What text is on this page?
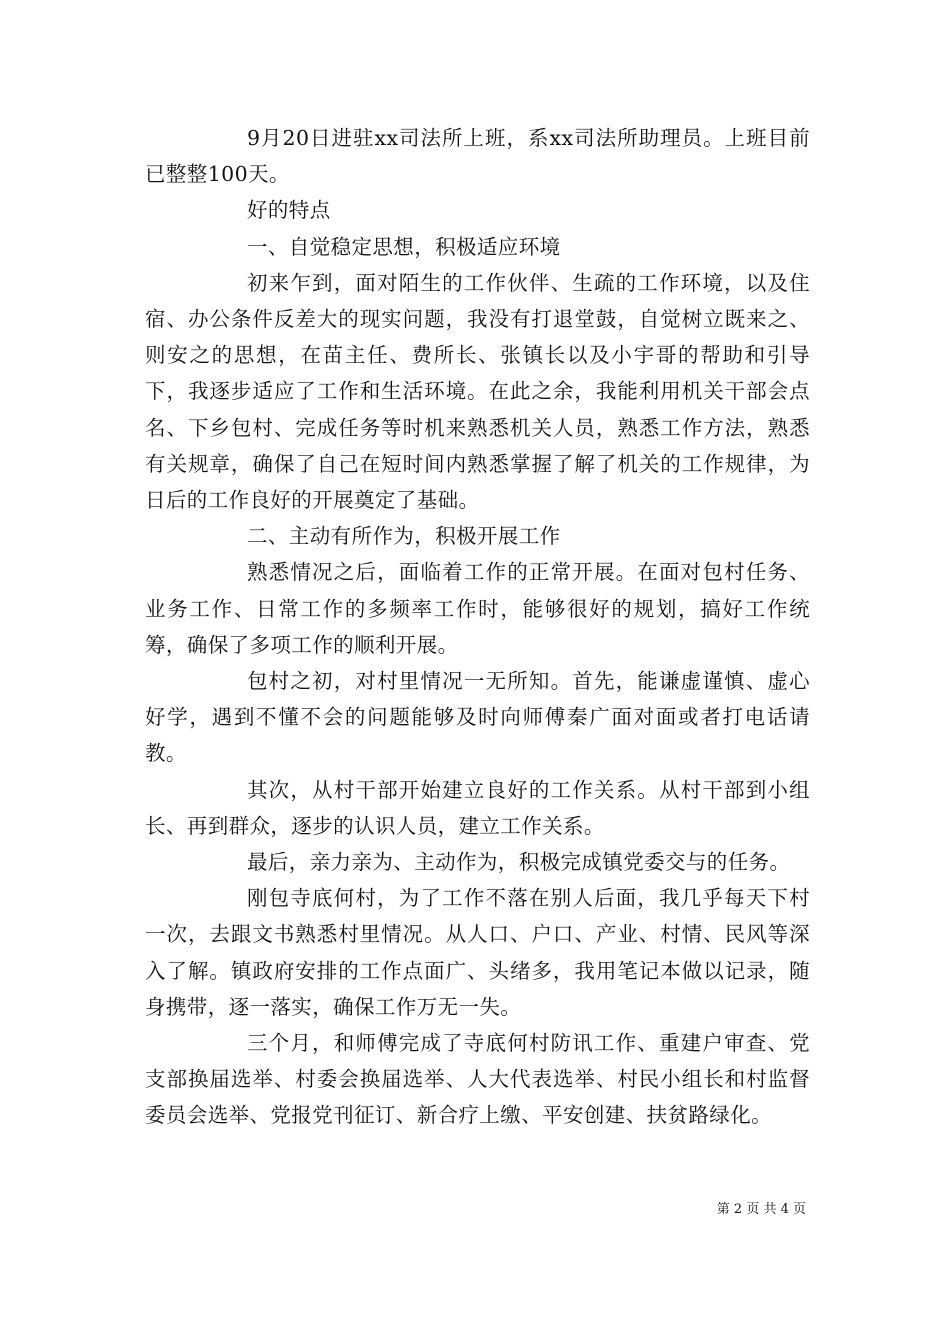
9月20日进驻xx司法所上班，系xx司法所助理员。上班目前已整整100天。

好的特点

一、自觉稳定思想，积极适应环境

初来乍到，面对陌生的工作伙伴、生疏的工作环境，以及住宿、办公条件反差大的现实问题，我没有打退堂鼓，自觉树立既来之、则安之的思想，在苗主任、费所长、张镇长以及小宇哥的帮助和引导下，我逐步适应了工作和生活环境。在此之余，我能利用机关干部会点名、下乡包村、完成任务等时机来熟悉机关人员，熟悉工作方法，熟悉有关规章，确保了自己在短时间内熟悉掌握了解了机关的工作规律，为日后的工作良好的开展奠定了基础。

二、主动有所作为，积极开展工作

熟悉情况之后，面临着工作的正常开展。在面对包村任务、业务工作、日常工作的多频率工作时，能够很好的规划，搞好工作统筹，确保了多项工作的顺利开展。

包村之初，对村里情况一无所知。首先，能谦虚谨慎、虚心好学，遇到不懂不会的问题能够及时向师傅秦广面对面或者打电话请教。

其次，从村干部开始建立良好的工作关系。从村干部到小组长、再到群众，逐步的认识人员，建立工作关系。

最后，亲力亲为、主动作为，积极完成镇党委交与的任务。

刚包寺底何村，为了工作不落在别人后面，我几乎每天下村一次，去跟文书熟悉村里情况。从人口、户口、产业、村情、民风等深入了解。镇政府安排的工作点面广、头绪多，我用笔记本做以记录，随身携带，逐一落实，确保工作万无一失。

三个月，和师傅完成了寺底何村防讯工作、重建户审查、党支部换届选举、村委会换届选举、人大代表选举、村民小组长和村监督委员会选举、党报党刊征订、新合疗上缴、平安创建、扶贫路绿化。

第 2 页 共 4 页
